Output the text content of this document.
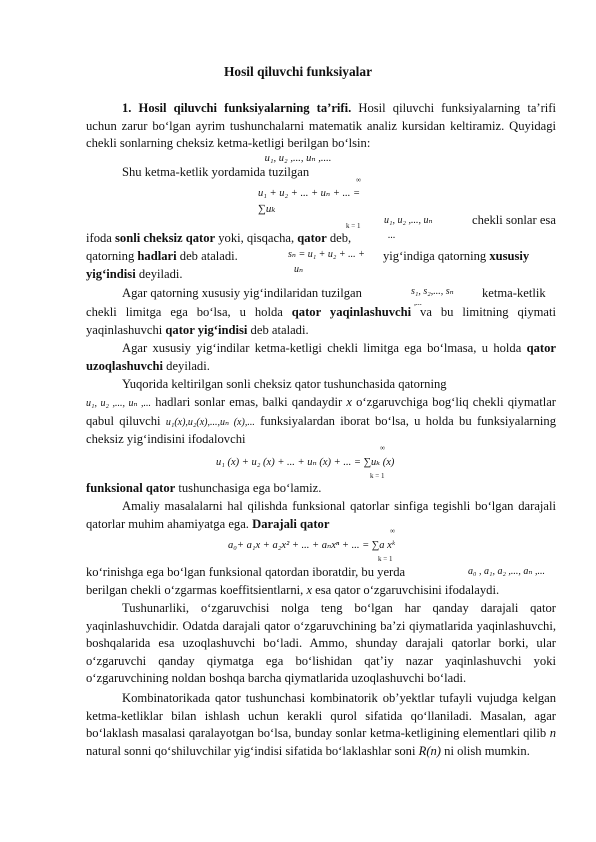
Hosil qiluvchi funksiyalar
1. Hosil qiluvchi funksiyalarning ta’rifi. Hosil qiluvchi funksiyalarning ta’rifi uchun zarur bo‘lgan ayrim tushunchalarni matematik analiz kursidan keltiramiz. Quyidagi chekli sonlarning cheksiz ketma-ketligi berilgan bo‘lsin:
u₁, u₂ ,..., uₙ ,....
Shu ketma-ketlik yordamida tuzilgan
∞
u₁ + u₂ + ... + uₙ + ... =
∑uₖ
k = 1 u₁, u₂ ,..., uₙ	chekli sonlar esa
ifoda sonli cheksiz qator yoki, qisqacha, qator deb,	...
qatorning hadlari deb ataladi.	sₙ = u₁ + u₂ + ... +
uₙ
yig‘indiga qatorning xususiy
yig‘indisi deyiladi.
Agar qatorning xususiy yig‘indilaridan tuzilgan	s₁, s₂,..., sₙ
,...
ketma-ketlik
chekli limitga ega bo‘lsa, u holda qator yaqinlashuvchi va bu limitning qiymati yaqinlashuvchi qator yig‘indisi deb ataladi.
Agar xususiy yig‘indilar ketma-ketligi chekli limitga ega bo‘lmasa, u holda qator uzoqlashuvchi deyiladi.
Yuqorida keltirilgan sonli cheksiz qator tushunchasida qatorning
u₁, u₂ ,..., uₙ ,... hadlari sonlar emas, balki qandaydir x o‘zgaruvchiga bog‘liq chekli qiymatlar qabul qiluvchi u₁(x),u₂(x),...,uₙ (x),... funksiyalardan iborat bo‘lsa, u holda bu funksiyalarning cheksiz yig‘indisini ifodalovchi
∞
u₁ (x) + u₂ (x) + ... + uₙ (x) + ... = ∑uₖ (x)
k = 1
funksional qator tushunchasiga ega bo‘lamiz.
Amaliy masalalarni hal qilishda funksional qatorlar sinfiga tegishli bo‘lgan darajali qatorlar muhim ahamiyatga ega. Darajali qator
∞
a₀+ a₁x + a₂x² + ... + aₙxⁿ + ... = ∑a xᵏ
k = 1
ko‘rinishga ega bo‘lgan funksional qatordan iboratdir, bu yerda	a₀ , a₁, a₂ ,..., aₙ ,...
berilgan chekli o‘zgarmas koeffitsientlarni, x esa qator o‘zgaruvchisini ifodalaydi.
Tushunarliki, o‘zgaruvchisi nolga teng bo‘lgan har qanday darajali qator yaqinlashuvchidir. Odatda darajali qator o‘zgaruvchining ba’zi qiymatlarida yaqinlashuvchi, boshqalarida esa uzoqlashuvchi bo‘ladi. Ammo, shunday darajali qatorlar borki, ular o‘zgaruvchi qanday qiymatga ega bo‘lishidan qat’iy nazar yaqinlashuvchi yoki o‘zgaruvchining noldan boshqa barcha qiymatlarida uzoqlashuvchi bo‘ladi.
Kombinatorikada qator tushunchasi kombinatorik ob’yektlar tufayli vujudga kelgan ketma-ketliklar bilan ishlash uchun kerakli qurol sifatida qo‘llaniladi. Masalan, agar bo‘laklash masalasi qaralayotgan bo‘lsa, bunday sonlar ketma-ketligining elementlari qilib n natural sonni qo‘shiluvchilar yig‘indisi sifatida bo‘laklashlar soni R(n) ni olish mumkin.
